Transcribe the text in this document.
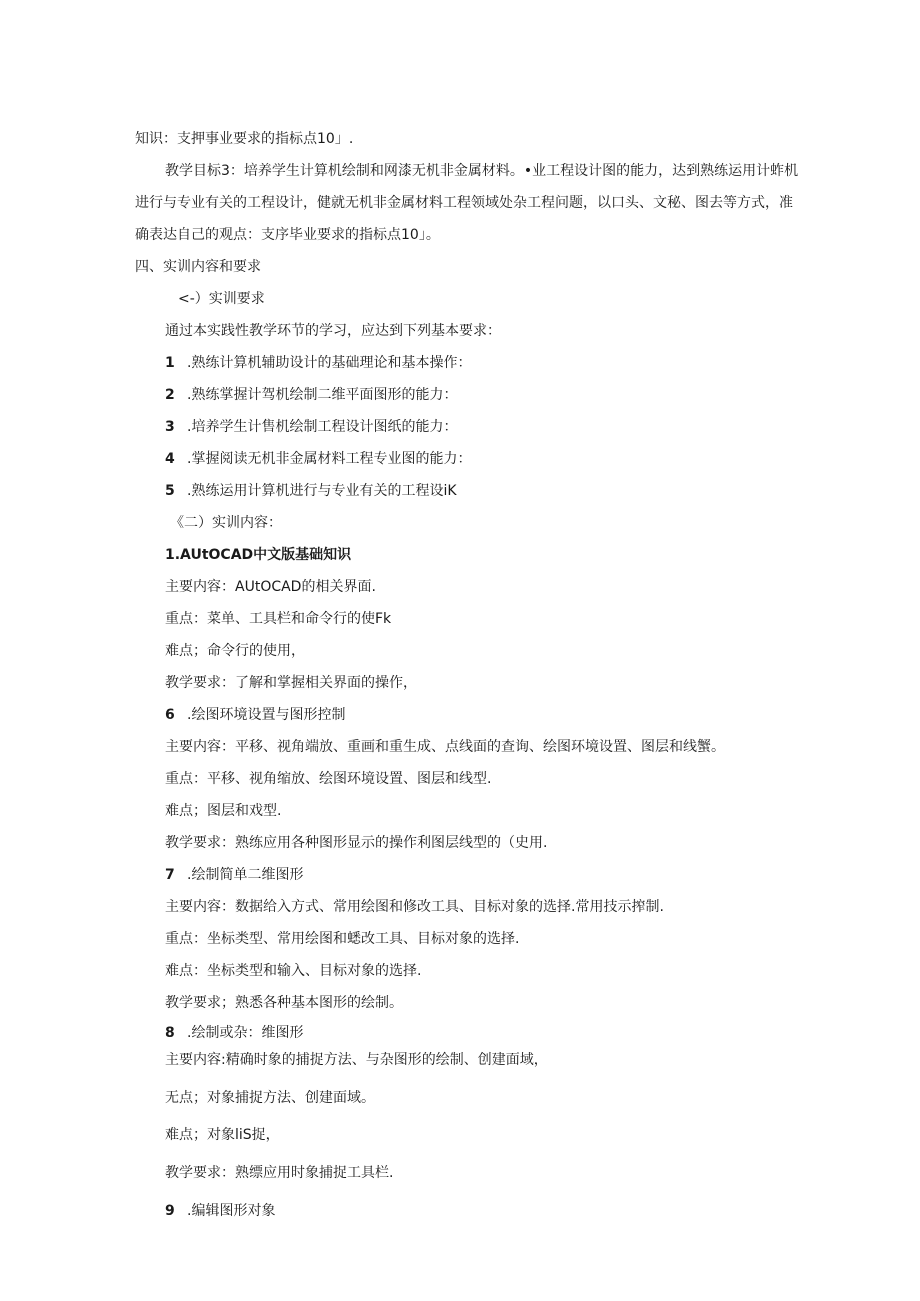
知识：支押事业要求的指标点10」.
教学目标3：培养学生计算机绘制和网漆无机非金属材料。•业工程设计图的能力，达到熟练运用计蚱机
进行与专业有关的工程设计，健就无机非金属材料工程领域处杂工程问题，以口头、文秘、图去等方式，准
确表达自己的观点：支序毕业要求的指标点10」。
四、实训内容和要求
<-）实训要求
通过本实践性教学环节的学习，应达到下列基本要求：
1 .熟练计算机辅助设计的基础理论和基本操作：
2 .熟练掌握计驾机绘制二维平面图形的能力：
3 .培养学生计售机绘制工程设计图纸的能力：
4 .掌握阅读无机非金属材料工程专业图的能力：
5 .熟练运用计算机进行与专业有关的工程设iK
《二）实训内容：
1.AUtOCAD中文版基础知识
主要内容：AUtOCAD的相关界面.
重点：菜单、工具栏和命令行的使Fk
难点；命令行的使用，
教学要求：了解和掌握相关界面的操作，
6 .绘图环境设置与图形控制
主要内容：平移、视角端放、重画和重生成、点线面的查询、绘图环境设置、图层和线蟹。
重点：平移、视角缩放、绘图环境设置、图层和线型.
难点；图层和戏型.
教学要求：熟练应用各种图形显示的操作利图层线型的（史用.
7 .绘制简单二维图形
主要内容：数据给入方式、常用绘图和修改工具、目标对象的选择.常用技示搾制.
重点：坐标类型、常用绘图和蟋改工具、目标对象的选择.
难点：坐标类型和输入、目标对象的选择.
教学要求；熟悉各种基本图形的绘制。
8 .绘制或杂：维图形
主要内容:精确时象的捕捉方法、与杂图形的绘制、创建面域，
无点；对象捕捉方法、创建面域。
难点；对象liS捉，
教学要求：熟缥应用时象捕捉工具栏.
9 .编辑图形对象
